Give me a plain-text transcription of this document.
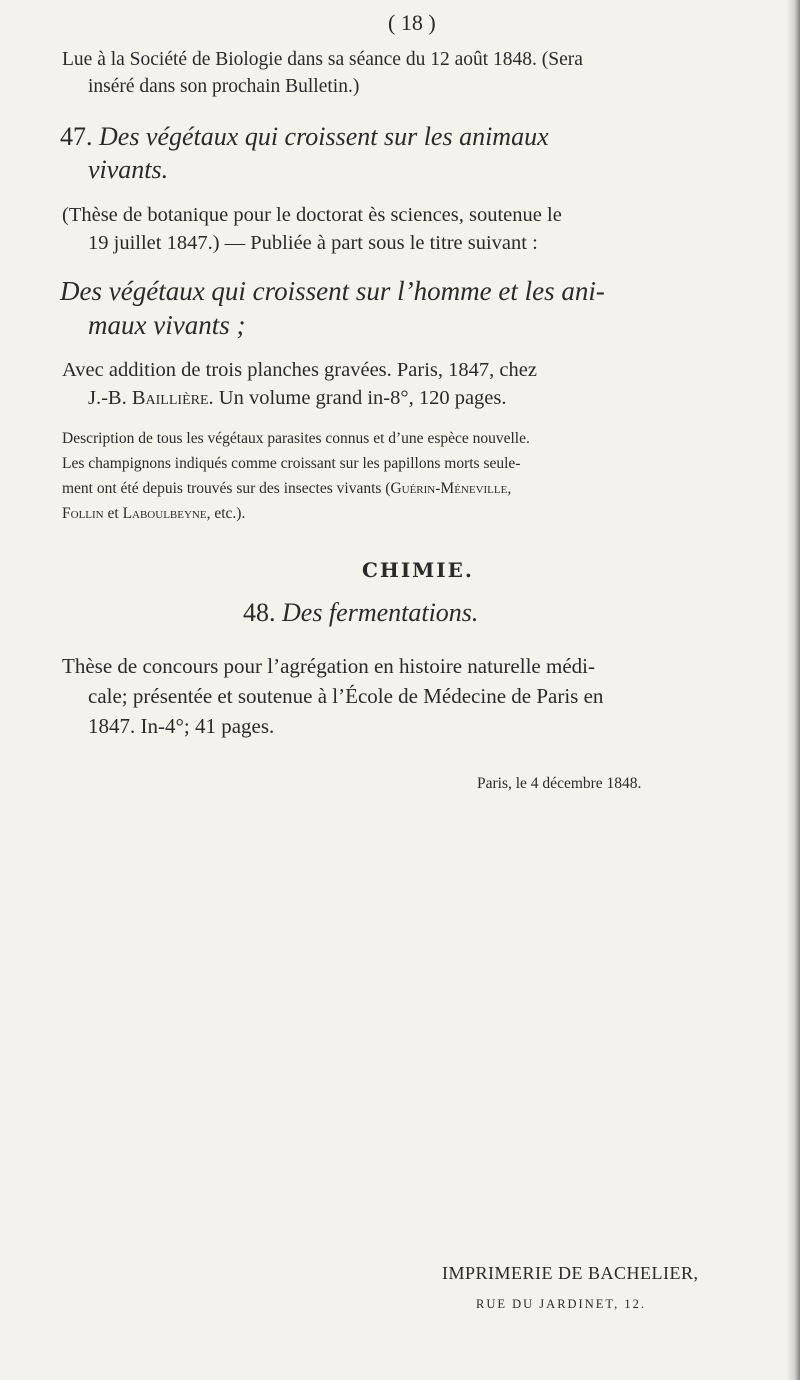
( 18 )
Lue à la Société de Biologie dans sa séance du 12 août 1848. (Sera
inséré dans son prochain Bulletin.)
47. Des végétaux qui croissent sur les animaux
vivants.
(Thèse de botanique pour le doctorat ès sciences, soutenue le
19 juillet 1847.) — Publiée à part sous le titre suivant :
Des végétaux qui croissent sur l’homme et les ani-
maux vivants ;
Avec addition de trois planches gravées. Paris, 1847, chez
J.-B. Baillière. Un volume grand in-8°, 120 pages.
Description de tous les végétaux parasites connus et d’une espèce nouvelle.
Les champignons indiqués comme croissant sur les papillons morts seule-
ment ont été depuis trouvés sur des insectes vivants (Guérin-Méneville,
Follin et Laboulbeyne, etc.).
CHIMIE.
48. Des fermentations.
Thèse de concours pour l’agrégation en histoire naturelle médi-
cale; présentée et soutenue à l’École de Médecine de Paris en
1847. In-4°; 41 pages.
Paris, le 4 décembre 1848.
IMPRIMERIE DE BACHELIER,
RUE DU JARDINET, 12.
